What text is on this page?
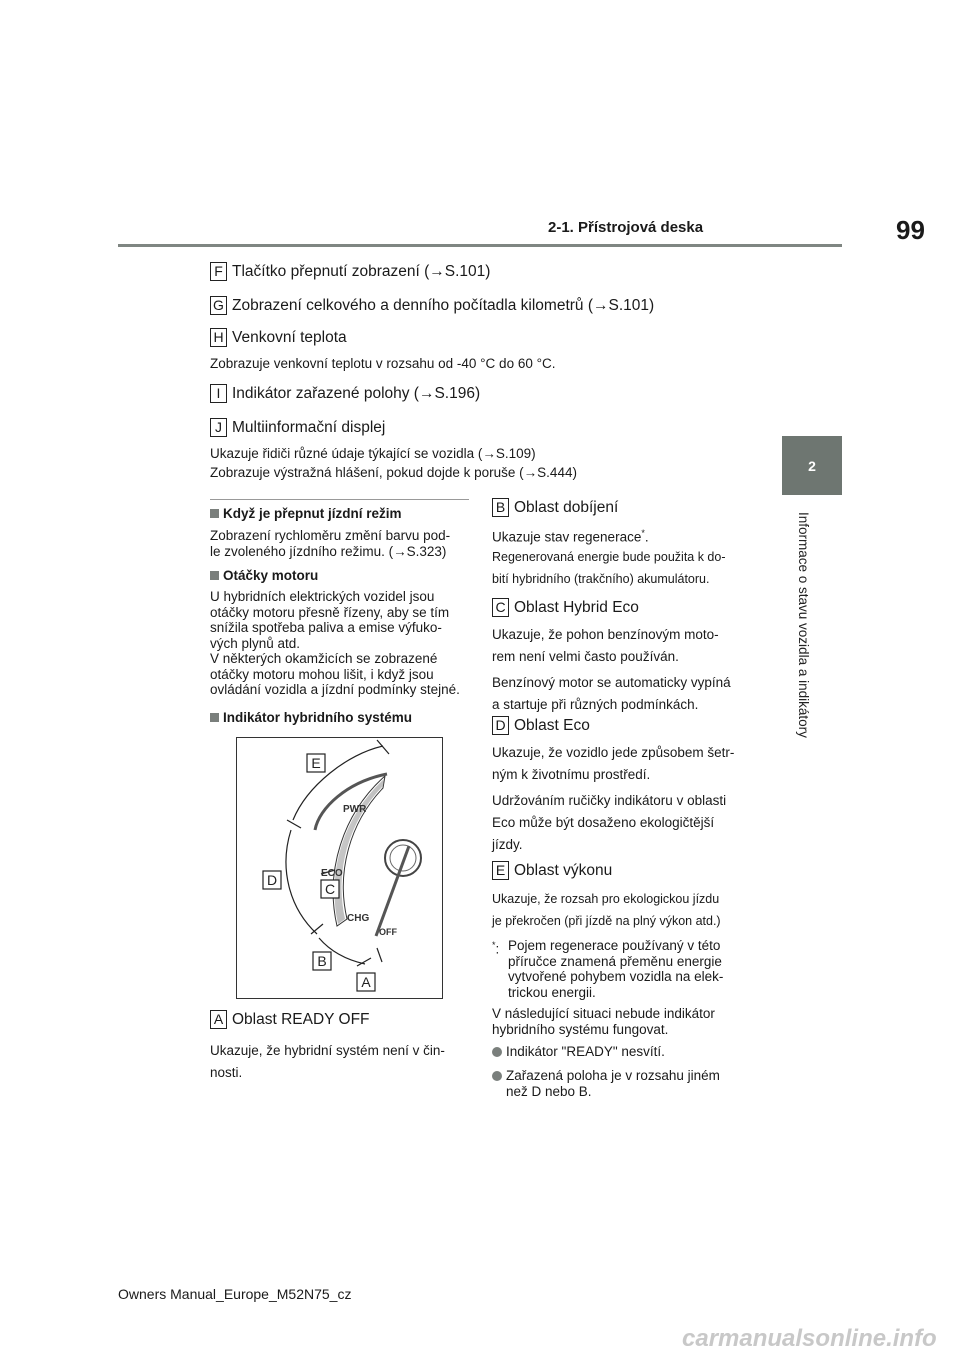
2-1. Přístrojová deska	99
2
Informace o stavu vozidla a indikátory
F Tlačítko přepnutí zobrazení (→S.101)
G Zobrazení celkového a denního počítadla kilometrů (→S.101)
H Venkovní teplota
Zobrazuje venkovní teplotu v rozsahu od -40 °C do 60 °C.
I Indikátor zařazené polohy (→S.196)
J Multiinformační displej
Ukazuje řidiči různé údaje týkající se vozidla (→S.109)
Zobrazuje výstražná hlášení, pokud dojde k poruše (→S.444)
Když je přepnut jízdní režim
Zobrazení rychloměru změní barvu pod-
le zvoleného jízdního režimu. (→S.323)
Otáčky motoru
U hybridních elektrických vozidel jsou
otáčky motoru přesně řízeny, aby se tím
snížila spotřeba paliva a emise výfuko-
vých plynů atd.
V některých okamžicích se zobrazené
otáčky motoru mohou lišit, i když jsou
ovládání vozidla a jízdní podmínky stejné.
Indikátor hybridního systému
PWR
ECO
CHG
OFF
E
D
C
B
A
A Oblast READY OFF
Ukazuje, že hybridní systém není v čin-
nosti.
B Oblast dobíjení
Ukazuje stav regenerace*.
Regenerovaná energie bude použita k do-
bití hybridního (trakčního) akumulátoru.
C Oblast Hybrid Eco
Ukazuje, že pohon benzínovým moto-
rem není velmi často používán.
Benzínový motor se automaticky vypíná
a startuje při různých podmínkách.
D Oblast Eco
Ukazuje, že vozidlo jede způsobem šetr-
ným k životnímu prostředí.
Udržováním ručičky indikátoru v oblasti
Eco může být dosaženo ekologičtější
jízdy.
E Oblast výkonu
Ukazuje, že rozsah pro ekologickou jízdu
je překročen (při jízdě na plný výkon atd.)
*: Pojem regenerace používaný v této
příručce znamená přeměnu energie
vytvořené pohybem vozidla na elek-
trickou energii.
V následující situaci nebude indikátor
hybridního systému fungovat.
Indikátor "READY" nesvítí.
Zařazená poloha je v rozsahu jiném
než D nebo B.
Owners Manual_Europe_M52N75_cz
carmanualsonline.info
